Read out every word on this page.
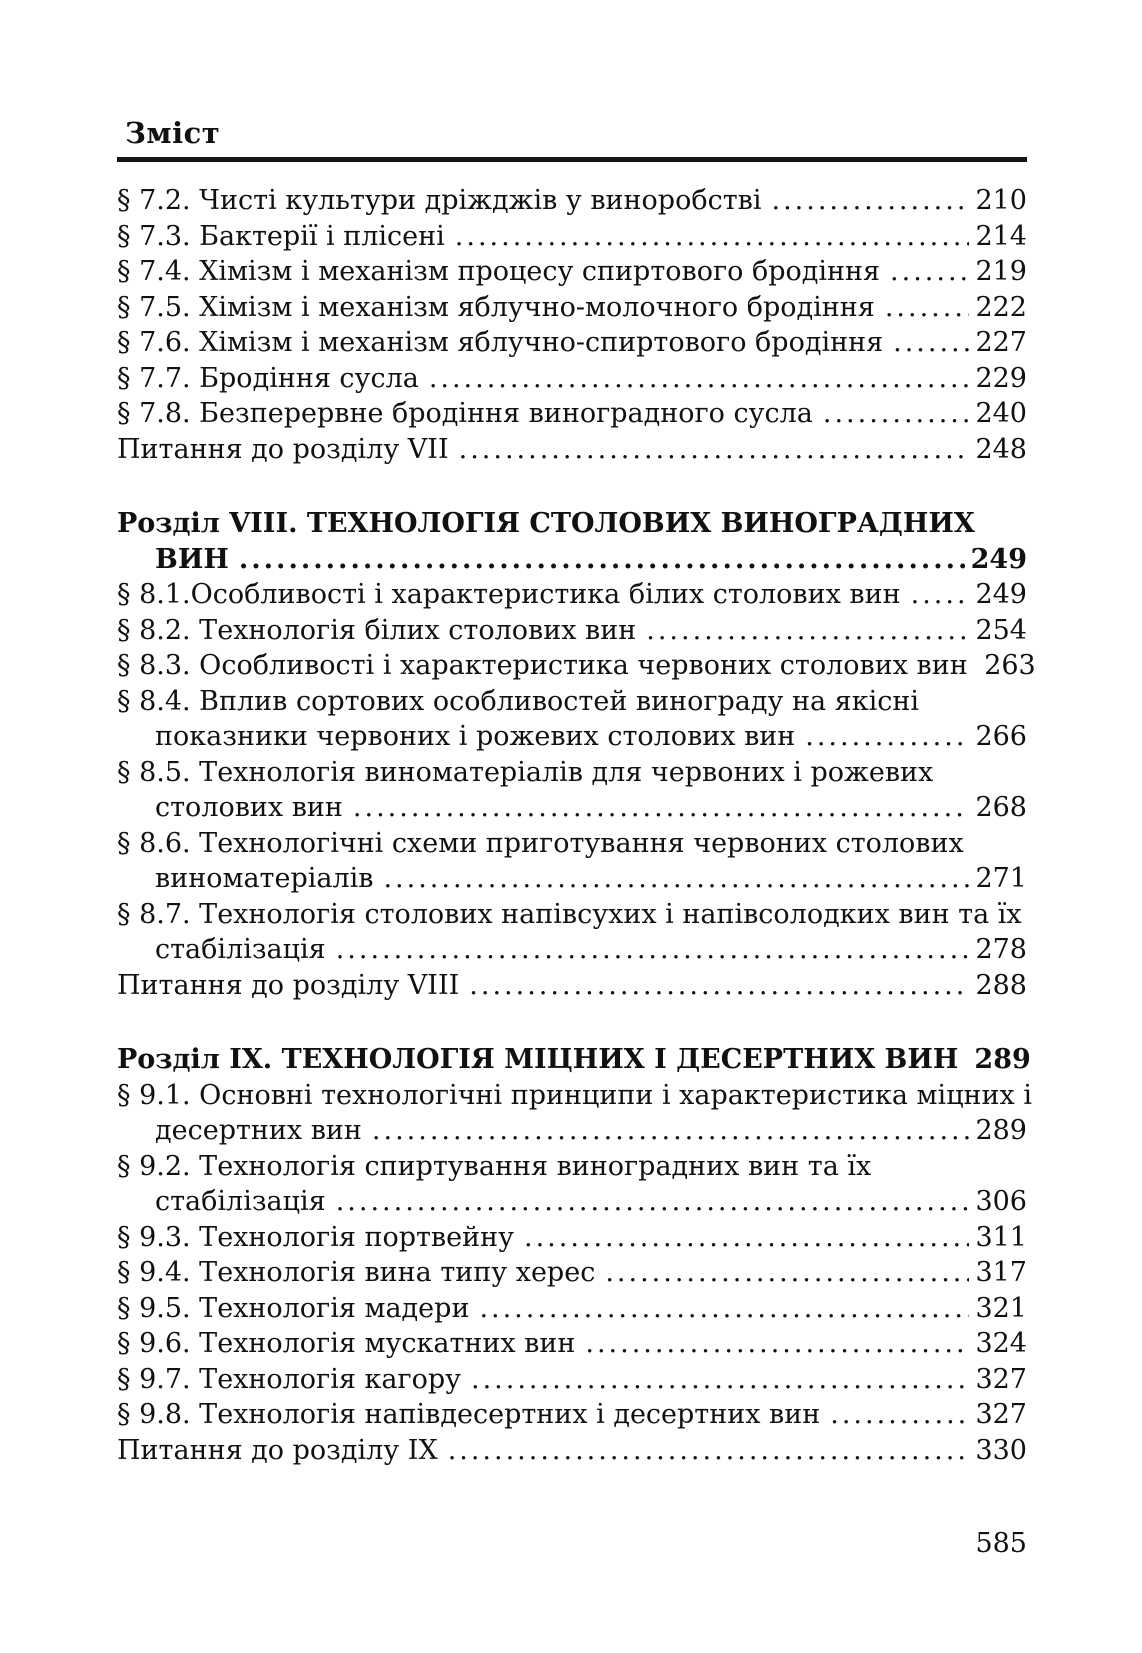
Зміст
§ 7.2. Чисті культури дріжджів у виноробстві .....	210
§ 7.3. Бактерії і плісені .....	214
§ 7.4. Хімізм і механізм процесу спиртового бродіння .....	219
§ 7.5. Хімізм і механізм яблучно-молочного бродіння .....	222
§ 7.6. Хімізм і механізм яблучно-спиртового бродіння .....	227
§ 7.7. Бродіння сусла .....	229
§ 7.8. Безперервне бродіння виноградного сусла .....	240
Питання до розділу VII .....	248
Розділ VIII. ТЕХНОЛОГІЯ СТОЛОВИХ ВИНОГРАДНИХ
ВИН .....	249
§ 8.1.Особливості і характеристика білих столових вин .....	249
§ 8.2. Технологія білих столових вин .....	254
§ 8.3. Особливості і характеристика червоних столових вин 263
§ 8.4. Вплив сортових особливостей винограду на якісні
показники червоних і рожевих столових вин .....	266
§ 8.5. Технологія виноматеріалів для червоних і рожевих
столових вин .....	268
§ 8.6. Технологічні схеми приготування червоних столових
виноматеріалів .....	271
§ 8.7. Технологія столових напівсухих і напівсолодких вин та їх
стабілізація .....	278
Питання до розділу VIII .....	288
Розділ IX. ТЕХНОЛОГІЯ МІЦНИХ І ДЕСЕРТНИХ ВИН 289
§ 9.1. Основні технологічні принципи і характеристика міцних і
десертних вин .....	289
§ 9.2. Технологія спиртування виноградних вин та їх
стабілізація .....	306
§ 9.3. Технологія портвейну .....	311
§ 9.4. Технологія вина типу херес .....	317
§ 9.5. Технологія мадери .....	321
§ 9.6. Технологія мускатних вин .....	324
§ 9.7. Технологія кагору .....	327
§ 9.8. Технологія напівдесертних і десертних вин .....	327
Питання до розділу IX .....	330
585
